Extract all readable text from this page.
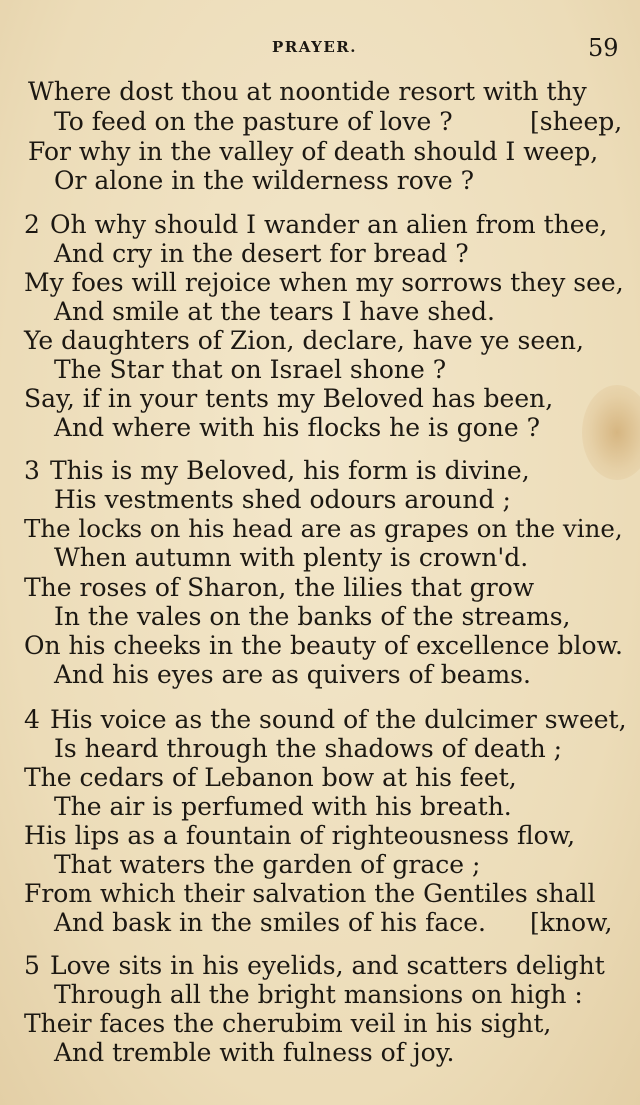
PRAYER.	59
Where dost thou at noontide resort with thy
To feed on the pasture of love ?	[sheep,
For why in the valley of death should I weep,
Or alone in the wilderness rove ?
2 Oh why should I wander an alien from thee,
And cry in the desert for bread ?
My foes will rejoice when my sorrows they see,
And smile at the tears I have shed.
Ye daughters of Zion, declare, have ye seen,
The Star that on Israel shone ?
Say, if in your tents my Beloved has been,
And where with his flocks he is gone ?
3 This is my Beloved, his form is divine,
His vestments shed odours around ;
The locks on his head are as grapes on the vine,
When autumn with plenty is crown'd.
The roses of Sharon, the lilies that grow
In the vales on the banks of the streams,
On his cheeks in the beauty of excellence blow.
And his eyes are as quivers of beams.
4 His voice as the sound of the dulcimer sweet,
Is heard through the shadows of death ;
The cedars of Lebanon bow at his feet,
The air is perfumed with his breath.
His lips as a fountain of righteousness flow,
That waters the garden of grace ;
From which their salvation the Gentiles shall
And bask in the smiles of his face. [know,
5 Love sits in his eyelids, and scatters delight
Through all the bright mansions on high :
Their faces the cherubim veil in his sight,
And tremble with fulness of joy.
